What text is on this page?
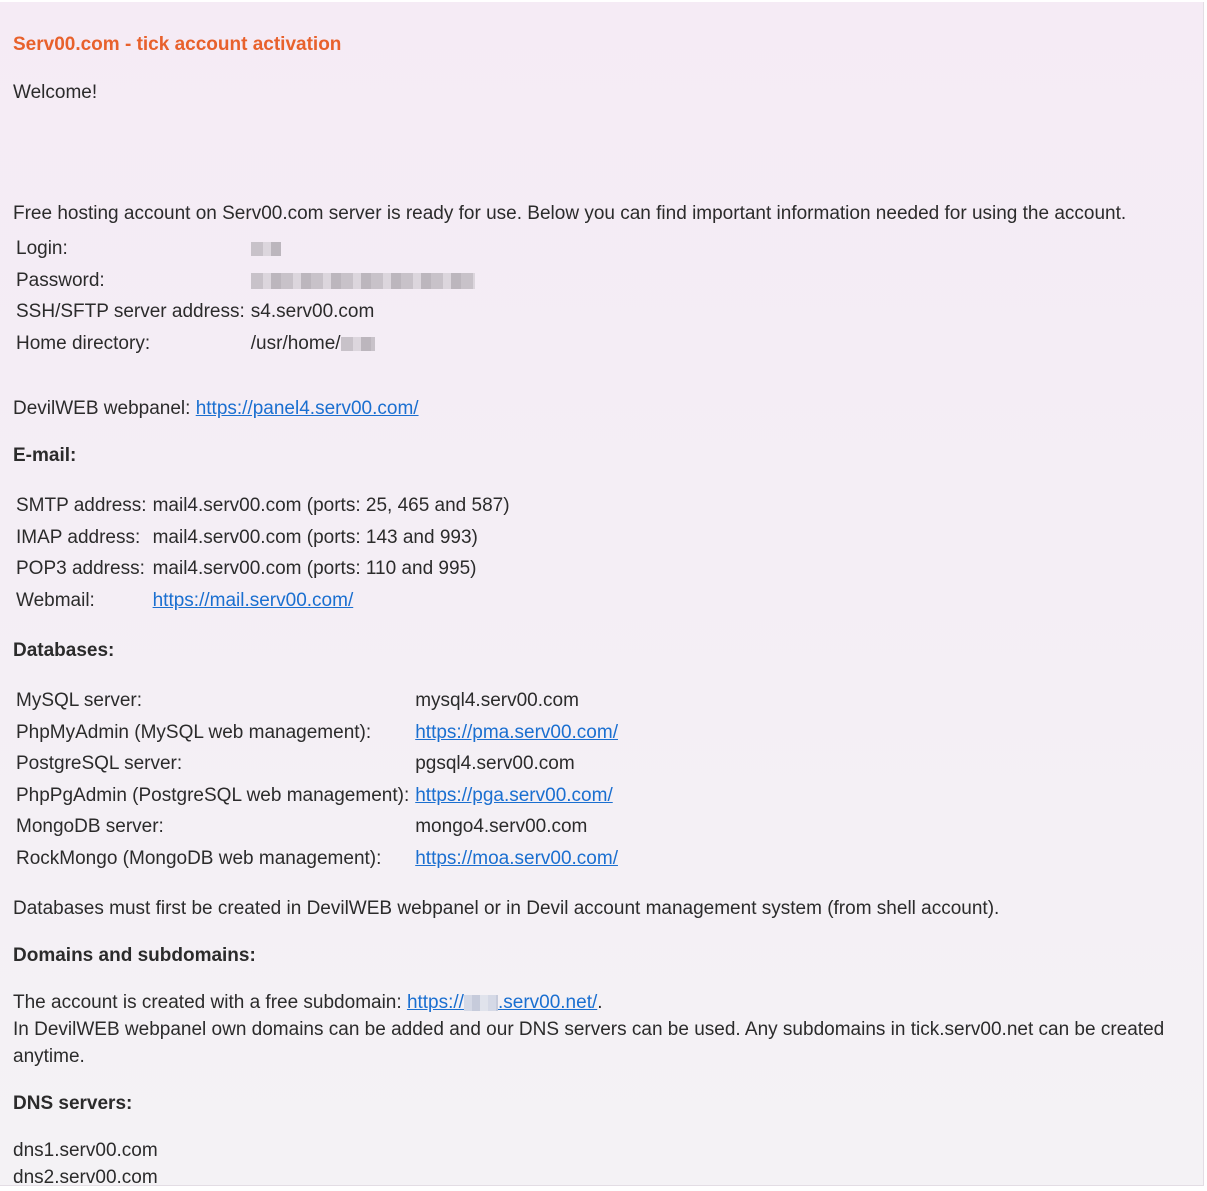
Serv00.com - tick account activation
Welcome!
Free hosting account on Serv00.com server is ready for use. Below you can find important information needed for using the account.
Login:	
Password:	
SSH/SFTP server address:	s4.serv00.com
Home directory:	/usr/home/
DevilWEB webpanel: https://panel4.serv00.com/
E-mail:
SMTP address:	mail4.serv00.com (ports: 25, 465 and 587)
IMAP address:	mail4.serv00.com (ports: 143 and 993)
POP3 address:	mail4.serv00.com (ports: 110 and 995)
Webmail:	https://mail.serv00.com/
Databases:
MySQL server:	mysql4.serv00.com
PhpMyAdmin (MySQL web management):	https://pma.serv00.com/
PostgreSQL server:	pgsql4.serv00.com
PhpPgAdmin (PostgreSQL web management):	https://pga.serv00.com/
MongoDB server:	mongo4.serv00.com
RockMongo (MongoDB web management):	https://moa.serv00.com/
Databases must first be created in DevilWEB webpanel or in Devil account management system (from shell account).
Domains and subdomains:
The account is created with a free subdomain: https:// .serv00.net/.
In DevilWEB webpanel own domains can be added and our DNS servers can be used. Any subdomains in tick.serv00.net can be created anytime.
DNS servers:
dns1.serv00.com
dns2.serv00.com
